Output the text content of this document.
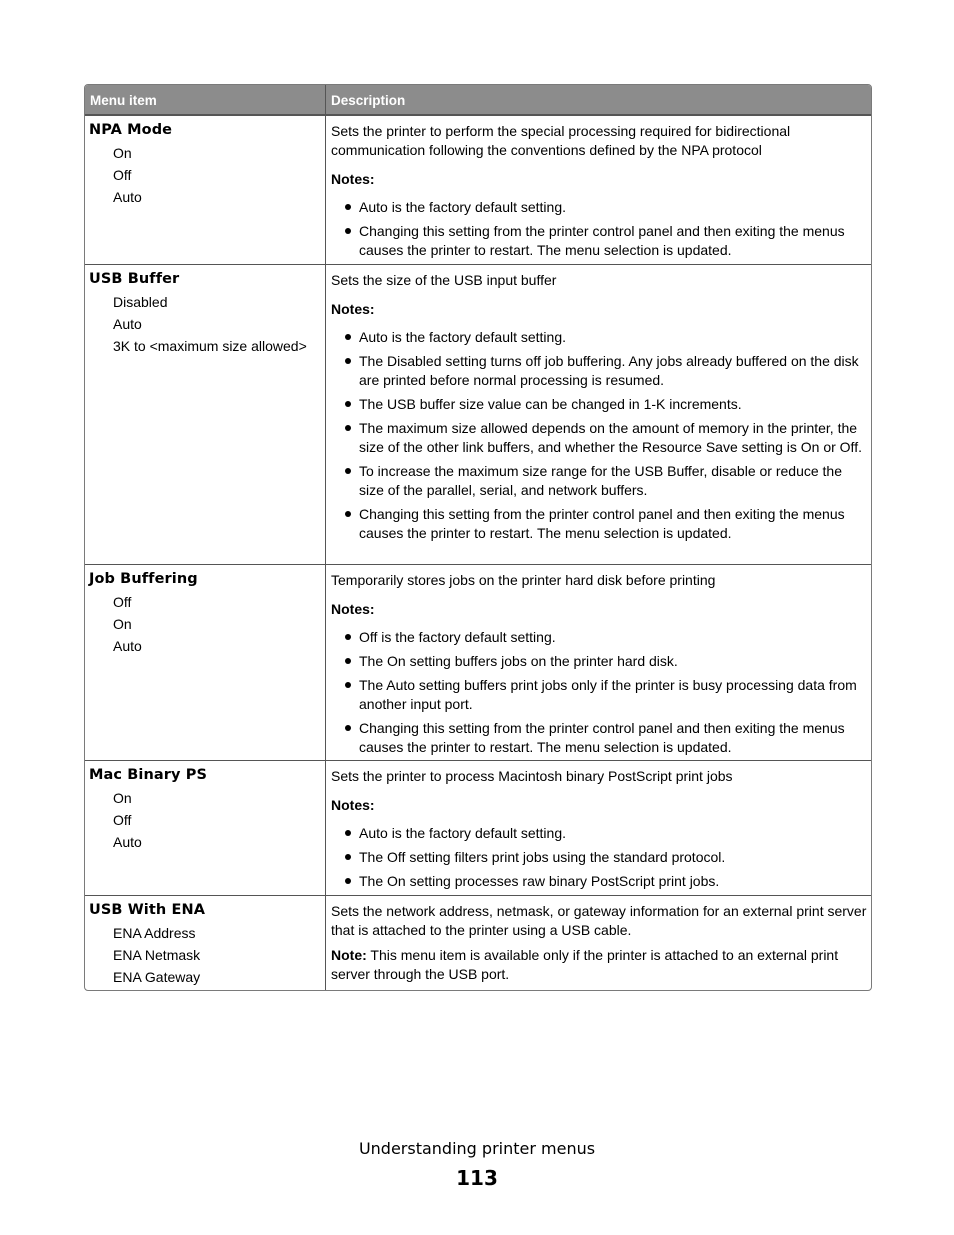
Menu item	Description
NPA Mode
On
Off
Auto

Sets the printer to perform the special processing required for bidirectional communication following the conventions defined by the NPA protocol

Notes:

Auto is the factory default setting.
Changing this setting from the printer control panel and then exiting the menus causes the printer to restart. The menu selection is updated.
USB Buffer
Disabled
Auto
3K to <maximum size allowed>

Sets the size of the USB input buffer

Notes:

Auto is the factory default setting.
The Disabled setting turns off job buffering. Any jobs already buffered on the disk are printed before normal processing is resumed.
The USB buffer size value can be changed in 1-K increments.
The maximum size allowed depends on the amount of memory in the printer, the size of the other link buffers, and whether the Resource Save setting is On or Off.
To increase the maximum size range for the USB Buffer, disable or reduce the size of the parallel, serial, and network buffers.
Changing this setting from the printer control panel and then exiting the menus causes the printer to restart. The menu selection is updated.
Job Buffering
Off
On
Auto

Temporarily stores jobs on the printer hard disk before printing

Notes:

Off is the factory default setting.
The On setting buffers jobs on the printer hard disk.
The Auto setting buffers print jobs only if the printer is busy processing data from another input port.
Changing this setting from the printer control panel and then exiting the menus causes the printer to restart. The menu selection is updated.
Mac Binary PS
On
Off
Auto

Sets the printer to process Macintosh binary PostScript print jobs

Notes:

Auto is the factory default setting.
The Off setting filters print jobs using the standard protocol.
The On setting processes raw binary PostScript print jobs.
USB With ENA
ENA Address
ENA Netmask
ENA Gateway

Sets the network address, netmask, or gateway information for an external print server that is attached to the printer using a USB cable.

Note: This menu item is available only if the printer is attached to an external print server through the USB port.

Understanding printer menus
113
